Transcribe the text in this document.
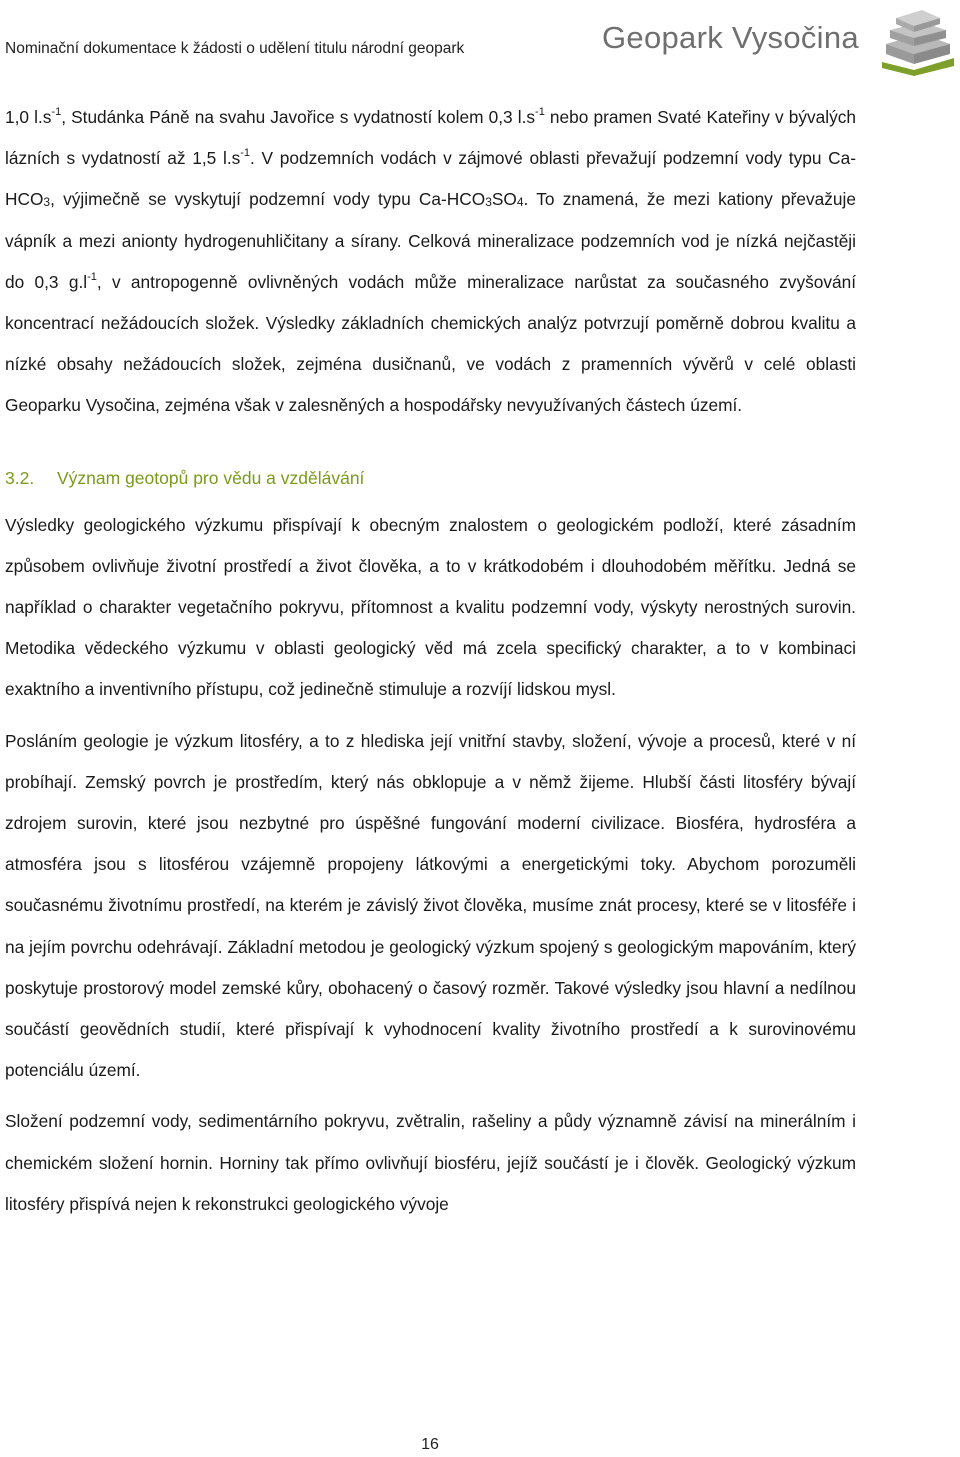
Nominační dokumentace k žádosti o udělení titulu národní geopark	Geopark Vysočina

1,0 $l.s^{-1}$, Studánka Páně na svahu Javořice s vydatností kolem 0,3 $l.s^{-1}$ nebo pramen Svaté Kateřiny v bývalých lázních s vydatností až 1,5 $l.s^{-1}$. V podzemních vodách v zájmové oblasti převažují podzemní vody typu $Ca-HCO_3$, výjimečně se vyskytují podzemní vody typu $Ca-HCO_3SO_4$. To znamená, že mezi kationy převažuje vápník a mezi anionty hydrogenuhličitany a sírany. Celková mineralizace podzemních vod je nízká nejčastěji do 0,3 $g.l^{-1}$, v antropogenně ovlivněných vodách může mineralizace narůstat za současného zvyšování koncentrací nežádoucích složek. Výsledky základních chemických analýz potvrzují poměrně dobrou kvalitu a nízké obsahy nežádoucích složek, zejména dusičnanů, ve vodách z pramenních vývěrů v celé oblasti Geoparku Vysočina, zejména však v zalesněných a hospodářsky nevyužívaných částech území.

3.2. Význam geotopů pro vědu a vzdělávání

Výsledky geologického výzkumu přispívají k obecným znalostem o geologickém podloží, které zásadním způsobem ovlivňuje životní prostředí a život člověka, a to v krátkodobém i dlouhodobém měřítku. Jedná se například o charakter vegetačního pokryvu, přítomnost a kvalitu podzemní vody, výskyty nerostných surovin. Metodika vědeckého výzkumu v oblasti geologický věd má zcela specifický charakter, a to v kombinaci exaktního a inventivního přístupu, což jedinečně stimuluje a rozvíjí lidskou mysl.

Posláním geologie je výzkum litosféry, a to z hlediska její vnitřní stavby, složení, vývoje a procesů, které v ní probíhají. Zemský povrch je prostředím, který nás obklopuje a v němž žijeme. Hlubší části litosféry bývají zdrojem surovin, které jsou nezbytné pro úspěšné fungování moderní civilizace. Biosféra, hydrosféra a atmosféra jsou s litosférou vzájemně propojeny látkovými a energetickými toky. Abychom porozuměli současnému životnímu prostředí, na kterém je závislý život člověka, musíme znát procesy, které se v litosféře i na jejím povrchu odehrávají. Základní metodou je geologický výzkum spojený s geologickým mapováním, který poskytuje prostorový model zemské kůry, obohacený o časový rozměr. Takové výsledky jsou hlavní a nedílnou součástí geovědních studií, které přispívají k vyhodnocení kvality životního prostředí a k surovinovému potenciálu území.

Složení podzemní vody, sedimentárního pokryvu, zvětralin, rašeliny a půdy významně závisí na minerálním i chemickém složení hornin. Horniny tak přímo ovlivňují biosféru, jejíž součástí je i člověk. Geologický výzkum litosféry přispívá nejen k rekonstrukci geologického vývoje

16
